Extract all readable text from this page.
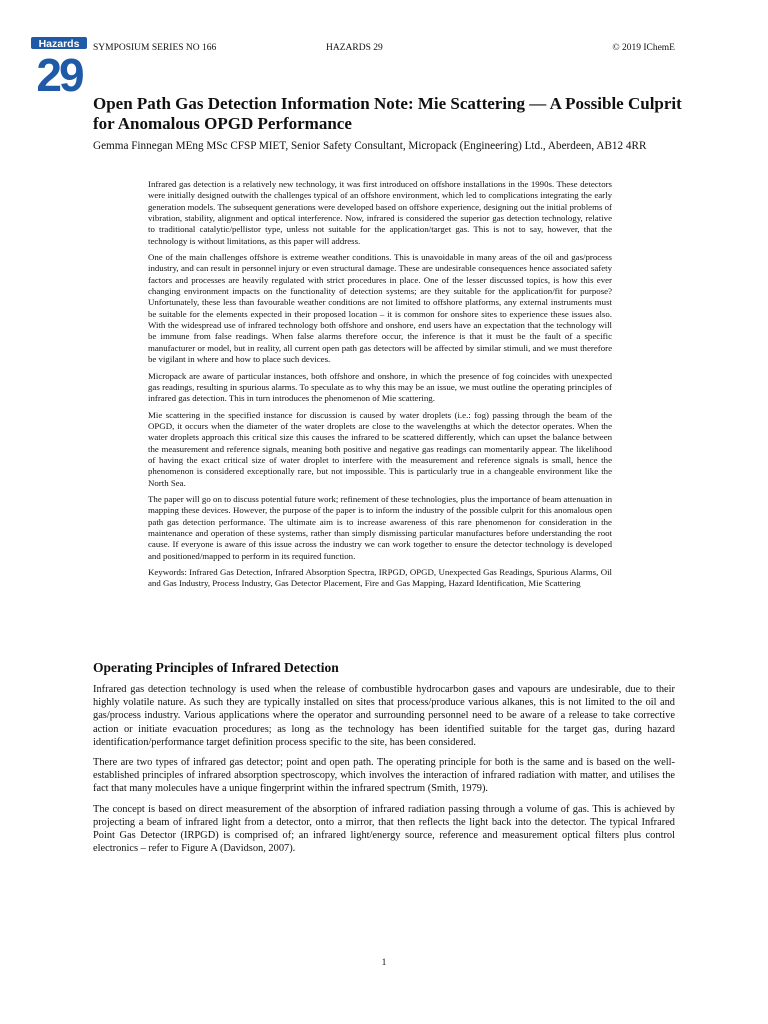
Hazards
29
SYMPOSIUM SERIES NO 166	HAZARDS 29	© 2019 IChemE
Open Path Gas Detection Information Note: Mie Scattering — A Possible Culprit for Anomalous OPGD Performance
Gemma Finnegan MEng MSc CFSP MIET, Senior Safety Consultant, Micropack (Engineering) Ltd., Aberdeen, AB12 4RR

Infrared gas detection is a relatively new technology, it was first introduced on offshore installations in the 1990s. These detectors were initially designed outwith the challenges typical of an offshore environment, which led to complications integrating the early generation models. The subsequent generations were developed based on offshore experience, designing out the initial problems of vibration, stability, alignment and optical interference. Now, infrared is considered the superior gas detection technology, relative to traditional catalytic/pellistor type, unless not suitable for the application/target gas. This is not to say, however, that the technology is without limitations, as this paper will address.

One of the main challenges offshore is extreme weather conditions. This is unavoidable in many areas of the oil and gas/process industry, and can result in personnel injury or even structural damage. These are undesirable consequences hence associated safety factors and processes are heavily regulated with strict procedures in place. One of the lesser discussed topics, is how this ever changing environment impacts on the functionality of detection systems; are they suitable for the application/fit for purpose? Unfortunately, these less than favourable weather conditions are not limited to offshore platforms, any external instruments must be suitable for the elements expected in their proposed location – it is common for onshore sites to experience these issues also. With the widespread use of infrared technology both offshore and onshore, end users have an expectation that the technology will be immune from false readings. When false alarms therefore occur, the inference is that it must be the fault of a specific manufacturer or model, but in reality, all current open path gas detectors will be affected by similar stimuli, and we must therefore be vigilant in where and how to place such devices.

Micropack are aware of particular instances, both offshore and onshore, in which the presence of fog coincides with unexpected gas readings, resulting in spurious alarms. To speculate as to why this may be an issue, we must outline the operating principles of infrared gas detection. This in turn introduces the phenomenon of Mie scattering.

Mie scattering in the specified instance for discussion is caused by water droplets (i.e.: fog) passing through the beam of the OPGD, it occurs when the diameter of the water droplets are close to the wavelengths at which the detector operates. When the water droplets approach this critical size this causes the infrared to be scattered differently, which can upset the balance between the measurement and reference signals, meaning both positive and negative gas readings can momentarily appear. The likelihood of having the exact critical size of water droplet to interfere with the measurement and reference signals is small, hence the phenomenon is considered exceptionally rare, but not impossible. This is particularly true in a changeable environment like the North Sea.

The paper will go on to discuss potential future work; refinement of these technologies, plus the importance of beam attenuation in mapping these devices. However, the purpose of the paper is to inform the industry of the possible culprit for this anomalous open path gas detection performance. The ultimate aim is to increase awareness of this rare phenomenon for consideration in the maintenance and operation of these systems, rather than simply dismissing particular manufactures before understanding the root cause. If everyone is aware of this issue across the industry we can work together to ensure the detector technology is developed and positioned/mapped to perform in its required function.

Keywords: Infrared Gas Detection, Infrared Absorption Spectra, IRPGD, OPGD, Unexpected Gas Readings, Spurious Alarms, Oil and Gas Industry, Process Industry, Gas Detector Placement, Fire and Gas Mapping, Hazard Identification, Mie Scattering

Operating Principles of Infrared Detection

Infrared gas detection technology is used when the release of combustible hydrocarbon gases and vapours are undesirable, due to their highly volatile nature. As such they are typically installed on sites that process/produce various alkanes, this is not limited to the oil and gas/process industry. Various applications where the operator and surrounding personnel need to be aware of a release to take corrective action or initiate evacuation procedures; as long as the technology has been identified suitable for the target gas, during hazard identification/performance target definition process specific to the site, has been considered.

There are two types of infrared gas detector; point and open path. The operating principle for both is the same and is based on the well-established principles of infrared absorption spectroscopy, which involves the interaction of infrared radiation with matter, and utilises the fact that many molecules have a unique fingerprint within the infrared spectrum (Smith, 1979).

The concept is based on direct measurement of the absorption of infrared radiation passing through a volume of gas. This is achieved by projecting a beam of infrared light from a detector, onto a mirror, that then reflects the light back into the detector. The typical Infrared Point Gas Detector (IRPGD) is comprised of; an infrared light/energy source, reference and measurement optical filters plus control electronics – refer to Figure A (Davidson, 2007).

1
